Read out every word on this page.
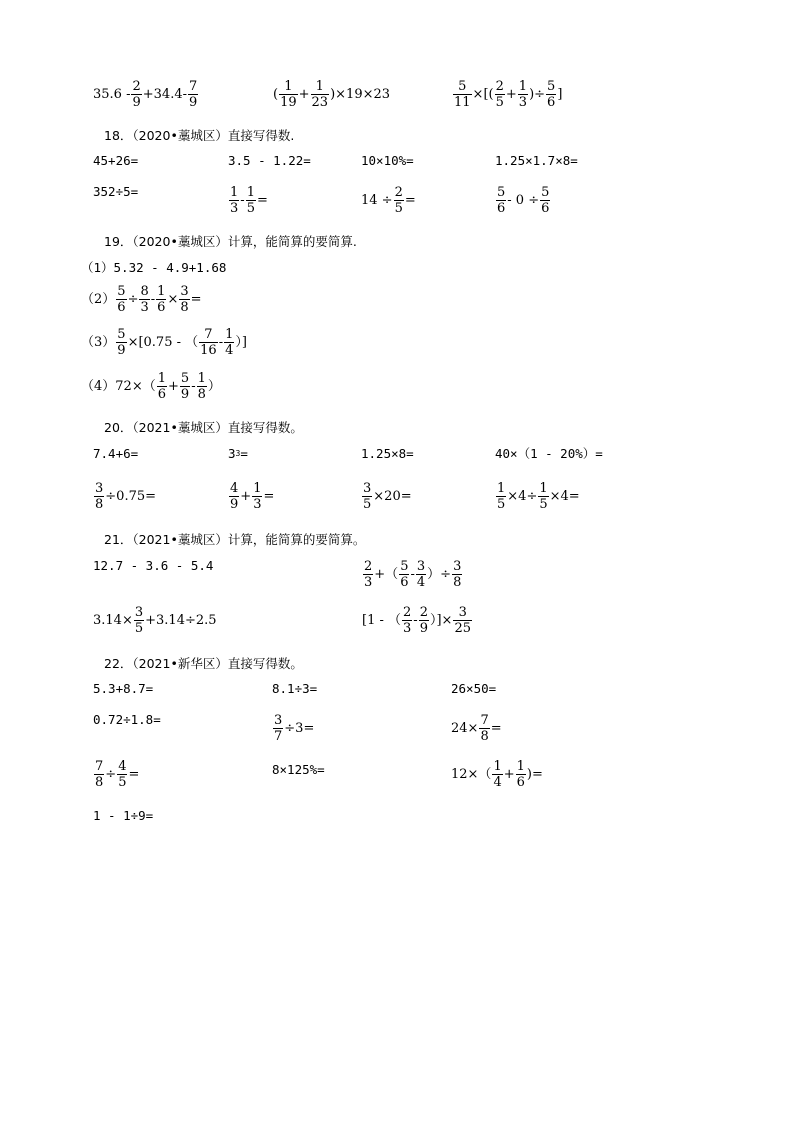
$35.6 - \frac{2}{9} +34.4- \frac{7}{9}$	( $\frac{1}{19} + \frac{1}{23} )\times 19\times 23$	$\frac{5}{11}$ ×[( $\frac{2}{5} + \frac{1}{3}$ )÷ $\frac{5}{6}$ ]
18．（2020•藁城区）直接写得数.
45+26=	3.5 - 1.22=	10×10%=	1.25×1.7×8=
352÷5=	$\frac{1}{3} - \frac{1}{5}$ =	$14 \div \frac{2}{5}$ =	$\frac{5}{6} - 0 \div \frac{5}{6}$
19．（2020•藁城区）计算，能简算的要简算.
（1）5.32 - 4.9+1.68
$(2) \frac{5}{6} \div \frac{8}{3} - \frac{1}{6} \times \frac{3}{8}$ =
$(3) \frac{5}{9} \times[0.75$ - （ $\frac{7}{16} - \frac{1}{4}$ ）]
$(4)72\times( \frac{1}{6} + \frac{5}{9} - \frac{1}{8}$ ）
20．（2021•藁城区）直接写得数。
7.4+6=	3 3 =	1.25×8=	40×（1 - 20%）=
$\frac{3}{8} \div 0.75=$	$\frac{4}{9} + \frac{1}{3}$ =	$\frac{3}{5} \times 20=$	$\frac{1}{5} \times 4\div \frac{1}{5} \times 4=$
21．（2021•藁城区）计算，能简算的要简算。
12.7 - 3.6 - 5.4	$\frac{2}{3}$ +（ $\frac{5}{6} - \frac{3}{4}$ ）÷ $\frac{3}{8}$
$3.14\times \frac{3}{5} +3.14\div 2.5$	[1 - （ $\frac{2}{3} - \frac{2}{9}$ ）]× $\frac{3}{25}$
22．（2021•新华区）直接写得数。
5.3+8.7=	8.1÷3=	26×50=
0.72÷1.8=	$\frac{3}{7} \div 3=$	$24\times \frac{7}{8}$ =
$\frac{7}{8} \div \frac{4}{5}$ =	8×125%=	$12\times( \frac{1}{4} + \frac{1}{6}$ )=
1 - 1÷9=
